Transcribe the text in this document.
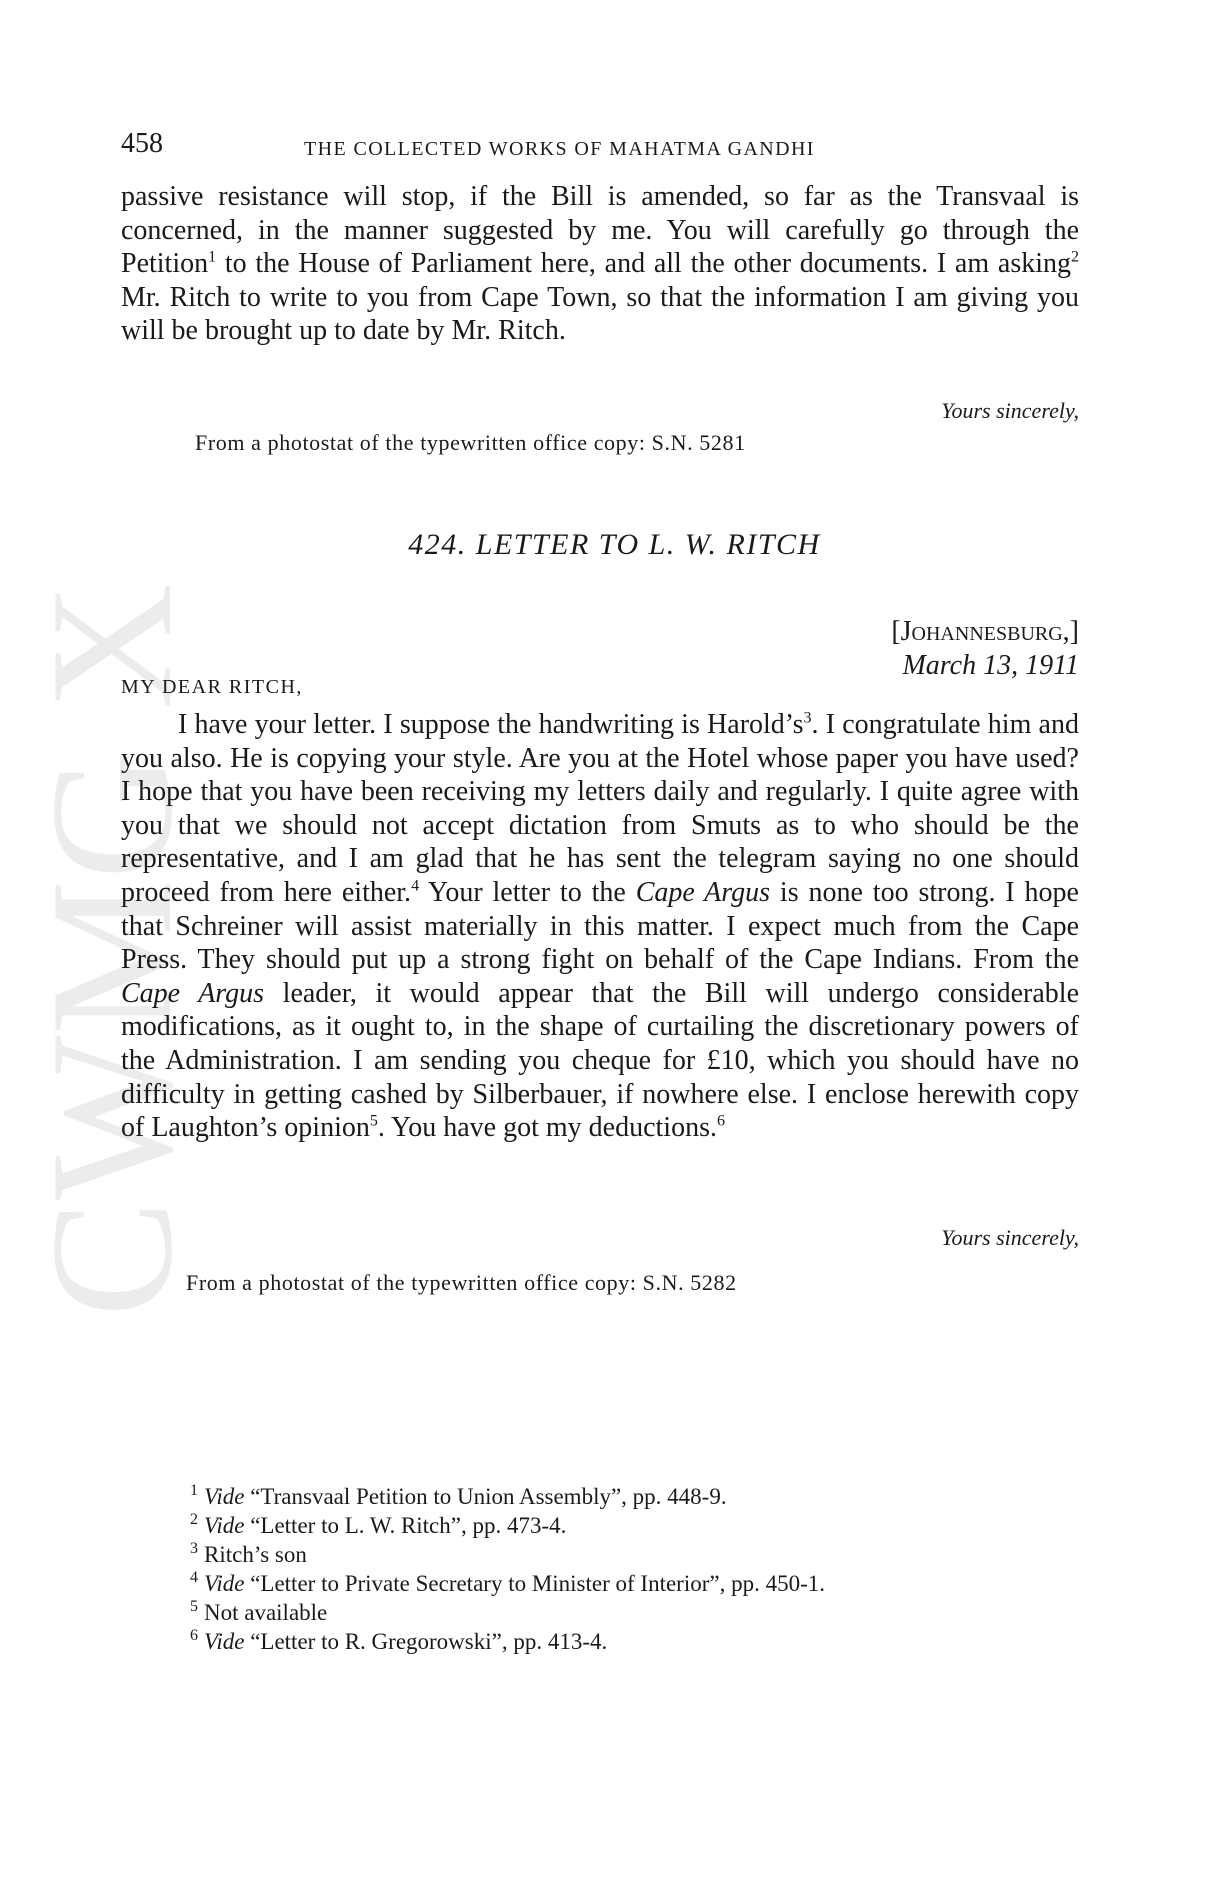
CWMG
458	THE COLLECTED WORKS OF MAHATMA GANDHI

passive resistance will stop, if the Bill is amended, so far as the Transvaal is concerned, in the manner suggested by me. You will carefully go through the Petition$^1$ to the House of Parliament here, and all the other documents. I am asking$^2$ Mr. Ritch to write to you from Cape Town, so that the information I am giving you will be brought up to date by Mr. Ritch.

Yours sincerely,
From a photostat of the typewritten office copy: S.N. 5281
424. LETTER TO L. W. RITCH
[Johannesburg,]
March 13, 1911
MY DEAR RITCH,

I have your letter. I suppose the handwriting is $Harold’s^3$. I congratulate him and you also. He is copying your style. Are you at the Hotel whose paper you have used? I hope that you have been receiving my letters daily and regularly. I quite agree with you that we should not accept dictation from Smuts as to who should be the representative, and I am glad that he has sent the telegram saying no one should proceed from here either.$^4$ Your letter to the Cape Argus is none too strong. I hope that Schreiner will assist materially in this matter. I expect much from the Cape Press. They should put up a strong fight on behalf of the Cape Indians. From the Cape Argus leader, it would appear that the Bill will undergo considerable modifications, as it ought to, in the shape of curtailing the discretionary powers of the Administration. I am sending you cheque for £10, which you should have no difficulty in getting cashed by Silberbauer, if nowhere else. I enclose herewith copy of Laughton’s opinion$^5$. You have got my deductions.$^6$

Yours sincerely,
From a photostat of the typewritten office copy: S.N. 5282

$^1$ Vide “Transvaal Petition to Union Assembly”, pp. 448-9.

$^2$ Vide “Letter to L. W. Ritch”, pp. 473-4.

$^3$ Ritch’s son

$^4$ Vide “Letter to Private Secretary to Minister of Interior”, pp. 450-1.

$^5$ Not available

$^6$ Vide “Letter to R. Gregorowski”, pp. 413-4.
